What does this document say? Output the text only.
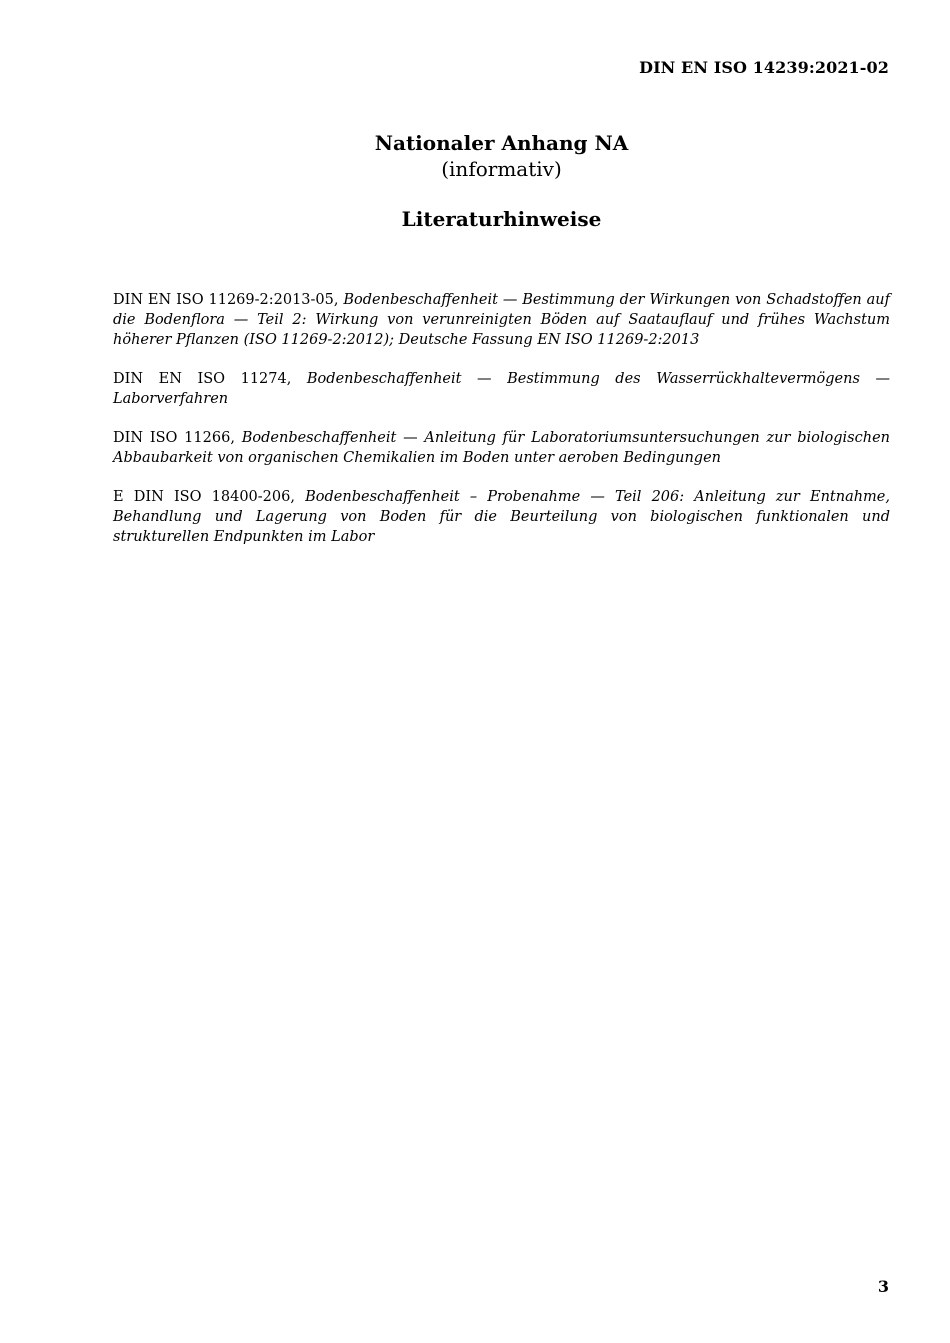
DIN EN ISO 14239:2021-02
Nationaler Anhang NA
(informativ)
Literaturhinweise

DIN EN ISO 11269-2:2013-05, Bodenbeschaffenheit — Bestimmung der Wirkungen von Schadstoffen auf die Bodenflora — Teil 2: Wirkung von verunreinigten Böden auf Saatauflauf und frühes Wachstum höherer Pflanzen (ISO 11269-2:2012); Deutsche Fassung EN ISO 11269-2:2013

DIN EN ISO 11274, Bodenbeschaffenheit — Bestimmung des Wasserrückhaltevermögens — Laborverfahren

DIN ISO 11266, Bodenbeschaffenheit — Anleitung für Laboratoriumsuntersuchungen zur biologischen Abbaubarkeit von organischen Chemikalien im Boden unter aeroben Bedingungen

E DIN ISO 18400-206, Bodenbeschaffenheit – Probenahme — Teil 206: Anleitung zur Entnahme, Behandlung und Lagerung von Boden für die Beurteilung von biologischen funktionalen und strukturellen Endpunkten im Labor

3
